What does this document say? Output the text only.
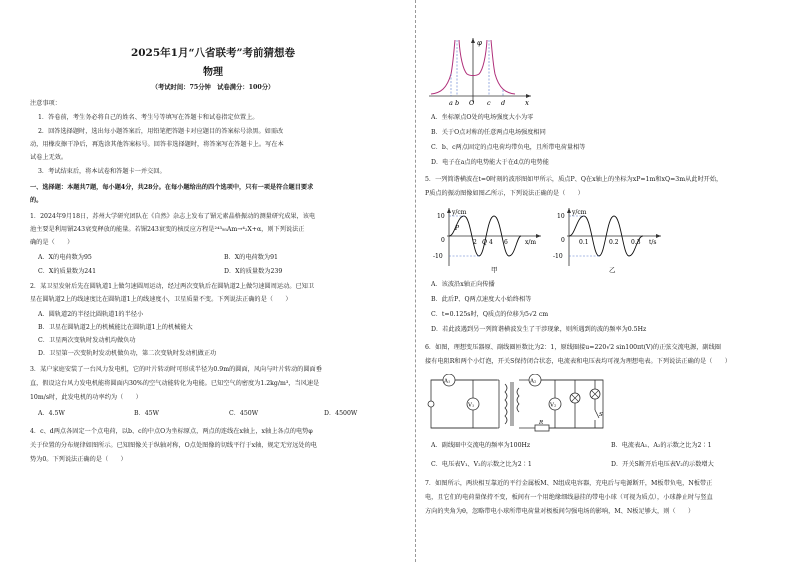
2025年1月“八省联考”考前猜想卷
物理
（考试时间：75分钟　试卷满分：100分）
注意事项：
1．答卷前，考生务必将自己的姓名、考生号等填写在答题卡和试卷指定位置上。
2．回答选择题时，选出每小题答案后，用铅笔把答题卡对应题目的答案标号涂黑。如需改
动，用橡皮擦干净后，再选涂其他答案标号。回答非选择题时，将答案写在答题卡上。写在本
试卷上无效。
3．考试结束后，将本试卷和答题卡一并交回。
一、选择题：本题共7题，每小题4分，共28分。在每小题给出的四个选项中，只有一项是符合题目要求
的。
1．2024年9月18日，苏州大学研究团队在《自然》杂志上发布了镅元素晶格振动的测量研究成果，该电
池主要是利用镅243衰变释放的能量。若镅243衰变的核反应方程是²⁴³₉₅Am→⁴₂X+α，则下列说法正
确的是（　　）
A．X的电荷数为95	B．X的电荷数为91
C．X的质量数为241	D．X的质量数为239
2．某卫星发射后先在圆轨道1上做匀速圆周运动，经过两次变轨后在圆轨道2上做匀速圆周运动。已知卫
星在圆轨道2上的线速度比在圆轨道1上的线速度小，卫星质量不变。下列说法正确的是（　　）
A．圆轨道2的半径比圆轨道1的半径小
B．卫星在圆轨道2上的机械能比在圆轨道1上的机械能大
C．卫星两次变轨时发动机均做负功
D．卫星第一次变轨时发动机做负功，第二次变轨时发动机做正功
3．某户家庭安装了一台风力发电机，它的叶片转动时可形成半径为0.9m的圆面，风向与叶片转动的圆面垂
直，假设这台风力发电机能将圆面内30%的空气动能转化为电能。已知空气的密度为1.2kg/m³，当风速是
10m/s时，此发电机的功率约为（　　）
A．4.5W	B．45W	C．450W	D．4500W
4．c、d两点各固定一个点电荷，以b、c的中点O为坐标原点，两点的连线在x轴上，x轴上各点的电势φ
关于位置的分布规律如图所示。已知图像关于纵轴对称，O点处图像的切线平行于x轴，规定无穷远处的电
势为0。下列说法正确的是（　　）
φ
x
a b O c d
A．坐标原点O处的电场强度大小为零
B．关于O点对称的任意两点电场强度相同
C．b、c两点固定的点电荷均带负电，且所带电荷量相等
D．电子在a点的电势能大于在d点的电势能
5．一列简谐横波在t=0时刻的波形图如甲所示，质点P、Q在x轴上的坐标为xP=1m和xQ=3m从此时开始，
P质点的振动图像如图乙所示，下列说法正确的是（　　）
y/cm
x/m
10
-10
0
P
2 Q 4 6
甲
y/cm
t/s
10
-10
0 0.1	0.2 0.3
乙
A．该波沿x轴正向传播
B．此后P、Q两点速度大小始终相等
C．t=0.125s时，Q质点的位移为5√2 cm
D．若此波遇到另一列简谐横波发生了干涉现象，则所遇到的波的频率为0.5Hz
6．如图，理想变压器原、副线圈匝数比为2：1，原线圈接u=220√2 sin100πt(V)的正弦交流电源，副线圈
接有电阻R和两个小灯泡，开关S保持闭合状态，电流表和电压表均可视为理想电表。下列说法正确的是（　　）
A₁
V₁
A₂
V₂
R
S
A．副线圈中交流电的频率为100Hz	B．电流表A₁、A₂的示数之比为2∶1
C．电压表V₁、V₂的示数之比为2∶1	D．开关S断开后电压表V₂的示数增大
7．如图所示，两块相互靠近的平行金属板M、N组成电容器，充电后与电源断开，M板带负电，N板带正
电，且它们的电荷量保持不变，板间有一个用绝缘细线悬挂的带电小球（可视为质点），小球静止时与竖直
方向的夹角为θ，忽略带电小球所带电荷量对极板间匀强电场的影响，M、N板足够大，则（　　）
